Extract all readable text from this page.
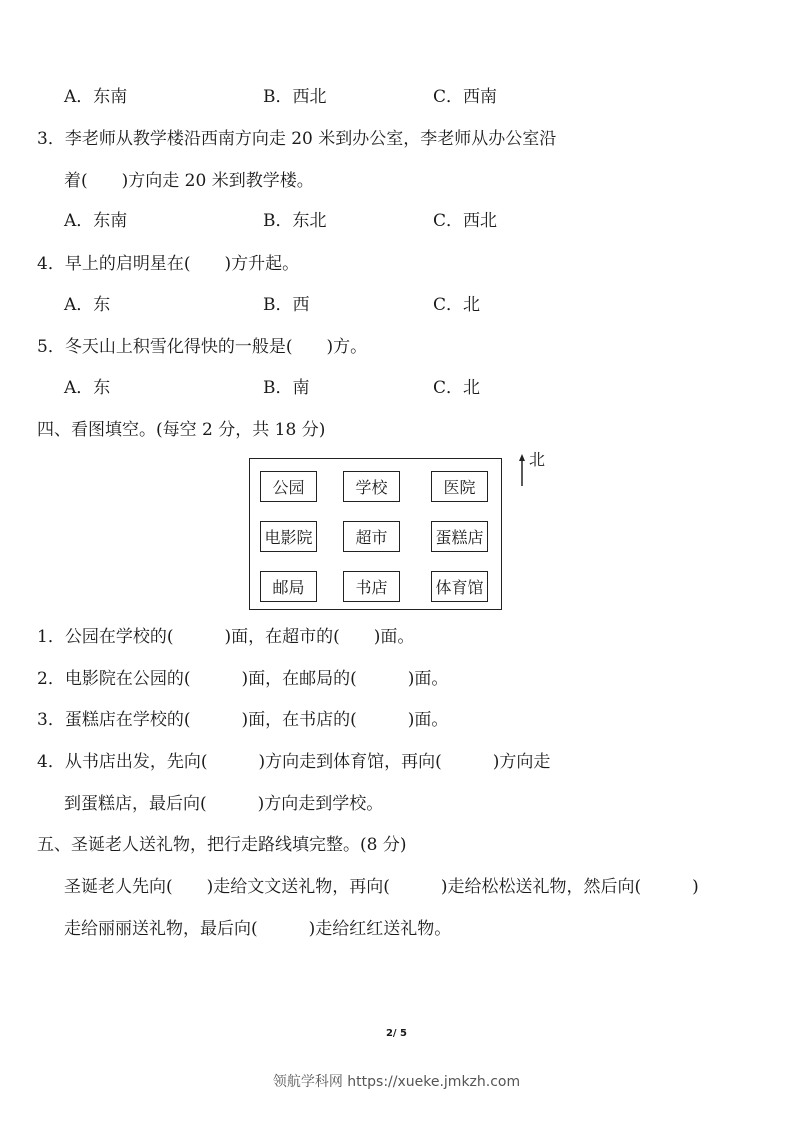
A．东南	B．西北	C．西南
3．李老师从教学楼沿西南方向走 20 米到办公室，李老师从办公室沿
着(　　)方向走 20 米到教学楼。
A．东南	B．东北	C．西北
4．早上的启明星在(　　)方升起。
A．东	B．西	C．北
5．冬天山上积雪化得快的一般是(　　)方。
A．东	B．南	C．北
四、看图填空。(每空 2 分，共 18 分)
公园	学校	医院
电影院	超市	蛋糕店
邮局	书店	体育馆
北
1．公园在学校的(　　　)面，在超市的(　　)面。
2．电影院在公园的(　　　)面，在邮局的(　　　)面。
3．蛋糕店在学校的(　　　)面，在书店的(　　　)面。
4．从书店出发，先向(　　　)方向走到体育馆，再向(　　　)方向走
到蛋糕店，最后向(　　　)方向走到学校。
五、圣诞老人送礼物，把行走路线填完整。(8 分)
圣诞老人先向(　　)走给文文送礼物，再向(　　　)走给松松送礼物，然后向(　　　)
走给丽丽送礼物，最后向(　　　)走给红红送礼物。
2/ 5
领航学科网 https://xueke.jmkzh.com
